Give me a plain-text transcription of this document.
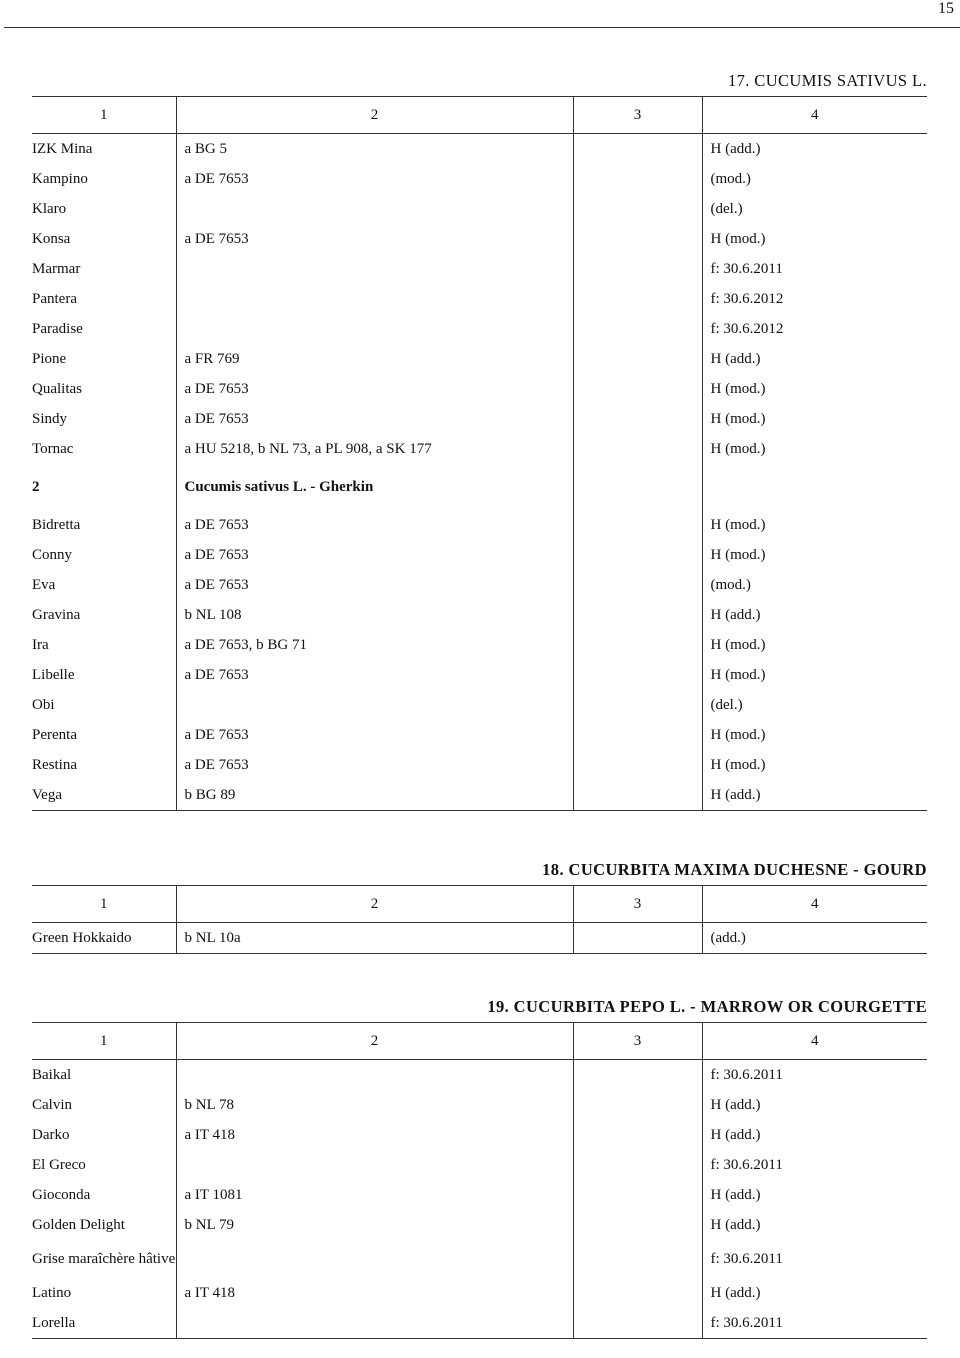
15
17. CUCUMIS SATIVUS L.
1	2	3	4
IZK Mina	a BG 5		H (add.)
Kampino	a DE 7653		(mod.)
Klaro			(del.)
Konsa	a DE 7653		H (mod.)
Marmar			f: 30.6.2011
Pantera			f: 30.6.2012
Paradise			f: 30.6.2012
Pione	a FR 769		H (add.)
Qualitas	a DE 7653		H (mod.)
Sindy	a DE 7653		H (mod.)
Tornac	a HU 5218, b NL 73, a PL 908, a SK 177		H (mod.)
2	Cucumis sativus L. - Gherkin		
Bidretta	a DE 7653		H (mod.)
Conny	a DE 7653		H (mod.)
Eva	a DE 7653		(mod.)
Gravina	b NL 108		H (add.)
Ira	a DE 7653, b BG 71		H (mod.)
Libelle	a DE 7653		H (mod.)
Obi			(del.)
Perenta	a DE 7653		H (mod.)
Restina	a DE 7653		H (mod.)
Vega	b BG 89		H (add.)
18. CUCURBITA MAXIMA DUCHESNE - GOURD
1	2	3	4
Green Hokkaido	b NL 10a		(add.)
19. CUCURBITA PEPO L. - MARROW OR COURGETTE
1	2	3	4
Baikal			f: 30.6.2011
Calvin	b NL 78		H (add.)
Darko	a IT 418		H (add.)
El Greco			f: 30.6.2011
Gioconda	a IT 1081		H (add.)
Golden Delight	b NL 79		H (add.)
Grise maraîchère hâtive			f: 30.6.2011
Latino	a IT 418		H (add.)
Lorella			f: 30.6.2011
